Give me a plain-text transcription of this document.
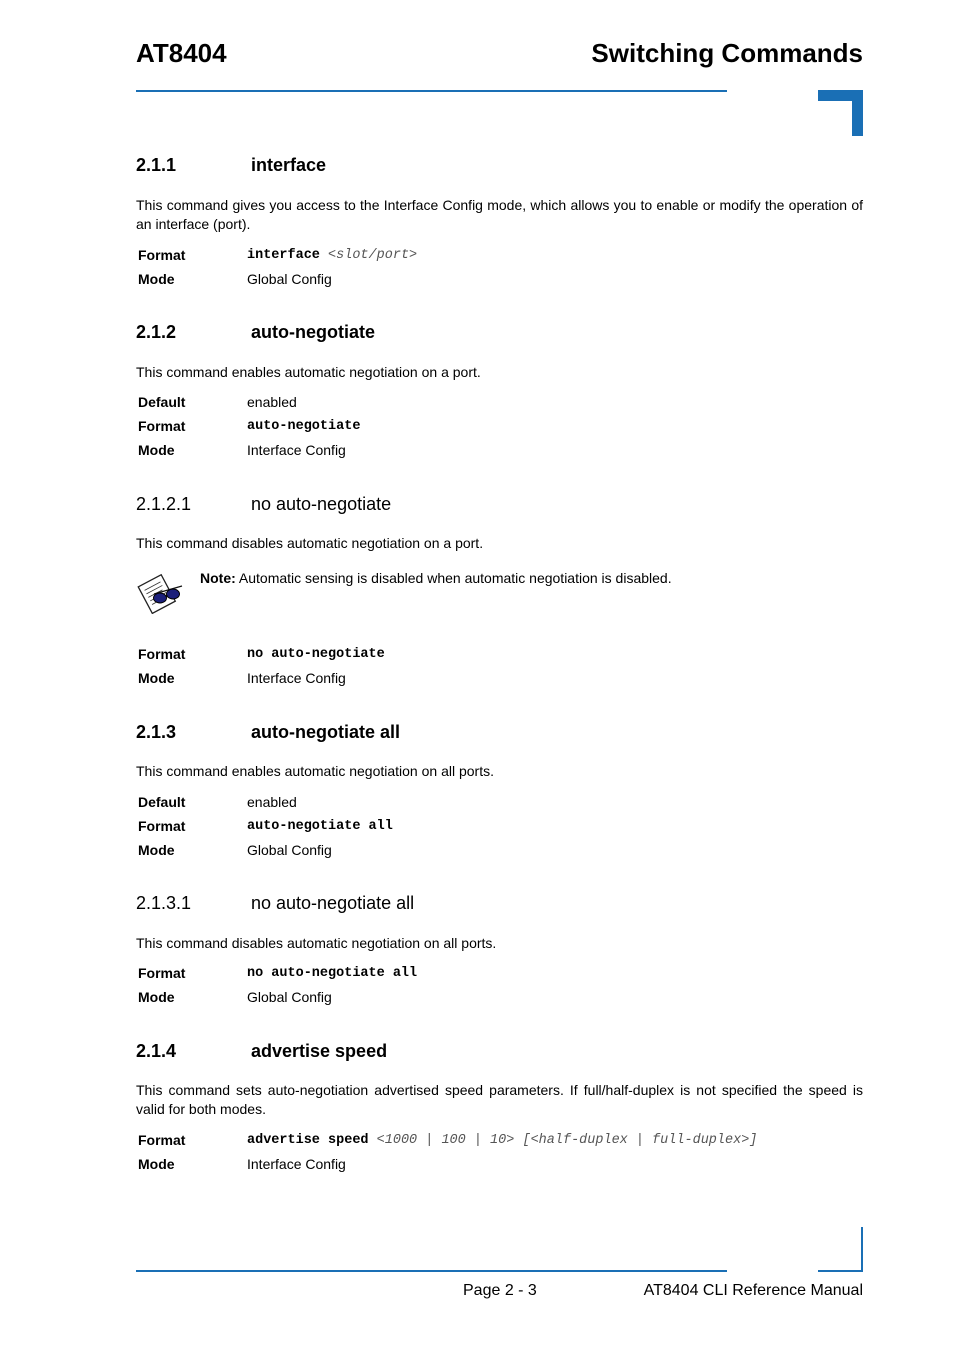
AT8404	Switching Commands
2.1.1	interface
This command gives you access to the Interface Config mode, which allows you to enable or modify the operation of an interface (port).
Format	interface <slot/port>
Mode	Global Config
2.1.2	auto-negotiate
This command enables automatic negotiation on a port.
Default	enabled
Format	auto-negotiate
Mode	Interface Config
2.1.2.1	no auto-negotiate
This command disables automatic negotiation on a port.
Note: Automatic sensing is disabled when automatic negotiation is disabled.
Format	no auto-negotiate
Mode	Interface Config
2.1.3	auto-negotiate all
This command enables automatic negotiation on all ports.
Default	enabled
Format	auto-negotiate all
Mode	Global Config
2.1.3.1	no auto-negotiate all
This command disables automatic negotiation on all ports.
Format	no auto-negotiate all
Mode	Global Config
2.1.4	advertise speed
This command sets auto-negotiation advertised speed parameters. If full/half-duplex is not specified the speed is valid for both modes.
Format	advertise speed <1000 | 100 | 10> [<half-duplex | full-duplex>]
Mode	Interface Config
Page 2 - 3	AT8404 CLI Reference Manual
